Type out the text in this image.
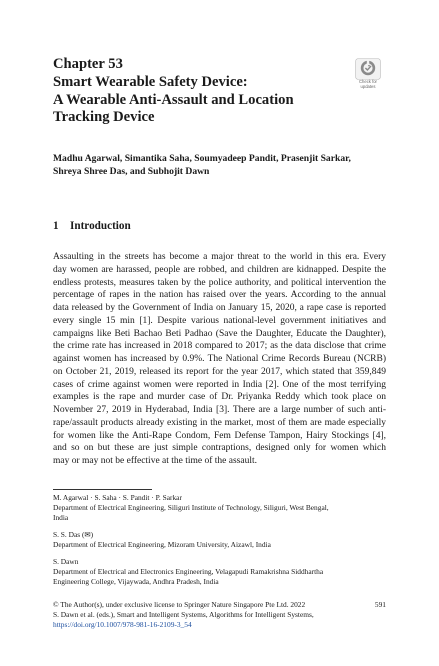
Chapter 53
Smart Wearable Safety Device:
A Wearable Anti-Assault and Location
Tracking Device
Check for
updates
Madhu Agarwal, Simantika Saha, Soumyadeep Pandit, Prasenjit Sarkar,
Shreya Shree Das, and Subhojit Dawn
1 Introduction
Assaulting in the streets has become a major threat to the world in this era. Every
day women are harassed, people are robbed, and children are kidnapped. Despite the
endless protests, measures taken by the police authority, and political intervention the
percentage of rapes in the nation has raised over the years. According to the annual
data released by the Government of India on January 15, 2020, a rape case is reported
every single 15 min [1]. Despite various national-level government initiatives and
campaigns like Beti Bachao Beti Padhao (Save the Daughter, Educate the Daughter),
the crime rate has increased in 2018 compared to 2017; as the data disclose that crime
against women has increased by 0.9%. The National Crime Records Bureau (NCRB)
on October 21, 2019, released its report for the year 2017, which stated that 359,849
cases of crime against women were reported in India [2]. One of the most terrifying
examples is the rape and murder case of Dr. Priyanka Reddy which took place on
November 27, 2019 in Hyderabad, India [3]. There are a large number of such anti-
rape/assault products already existing in the market, most of them are made especially
for women like the Anti-Rape Condom, Fem Defense Tampon, Hairy Stockings [4],
and so on but these are just simple contraptions, designed only for women which
may or may not be effective at the time of the assault.
M. Agarwal · S. Saha · S. Pandit · P. Sarkar
Department of Electrical Engineering, Siliguri Institute of Technology, Siliguri, West Bengal,
India
S. S. Das (✉)
Department of Electrical Engineering, Mizoram University, Aizawl, India
S. Dawn
Department of Electrical and Electronics Engineering, Velagapudi Ramakrishna Siddhartha
Engineering College, Vijaywada, Andhra Pradesh, India
© The Author(s), under exclusive license to Springer Nature Singapore Pte Ltd. 2022
S. Dawn et al. (eds.), Smart and Intelligent Systems, Algorithms for Intelligent Systems,
https://doi.org/10.1007/978-981-16-2109-3_54
591
